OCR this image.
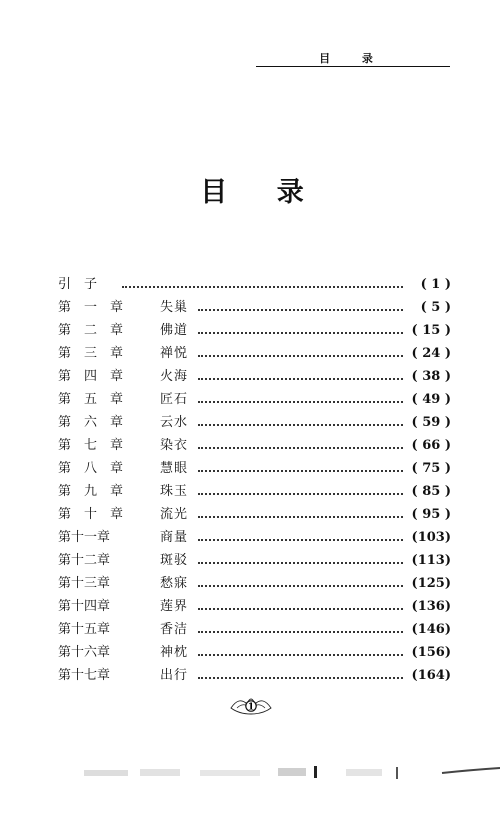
目 录
目 录
引　子	( 1 )
第　一　章	失巢	( 5 )
第　二　章	佛道	( 15 )
第　三　章	禅悦	( 24 )
第　四　章	火海	( 38 )
第　五　章	匠石	( 49 )
第　六　章	云水	( 59 )
第　七　章	染衣	( 66 )
第　八　章	慧眼	( 75 )
第　九　章	珠玉	( 85 )
第　十　章	流光	( 95 )
第十一章	商量	(103)
第十二章	斑驳	(113)
第十三章	愁寐	(125)
第十四章	莲界	(136)
第十五章	香洁	(146)
第十六章	神枕	(156)
第十七章	出行	(164)
1
